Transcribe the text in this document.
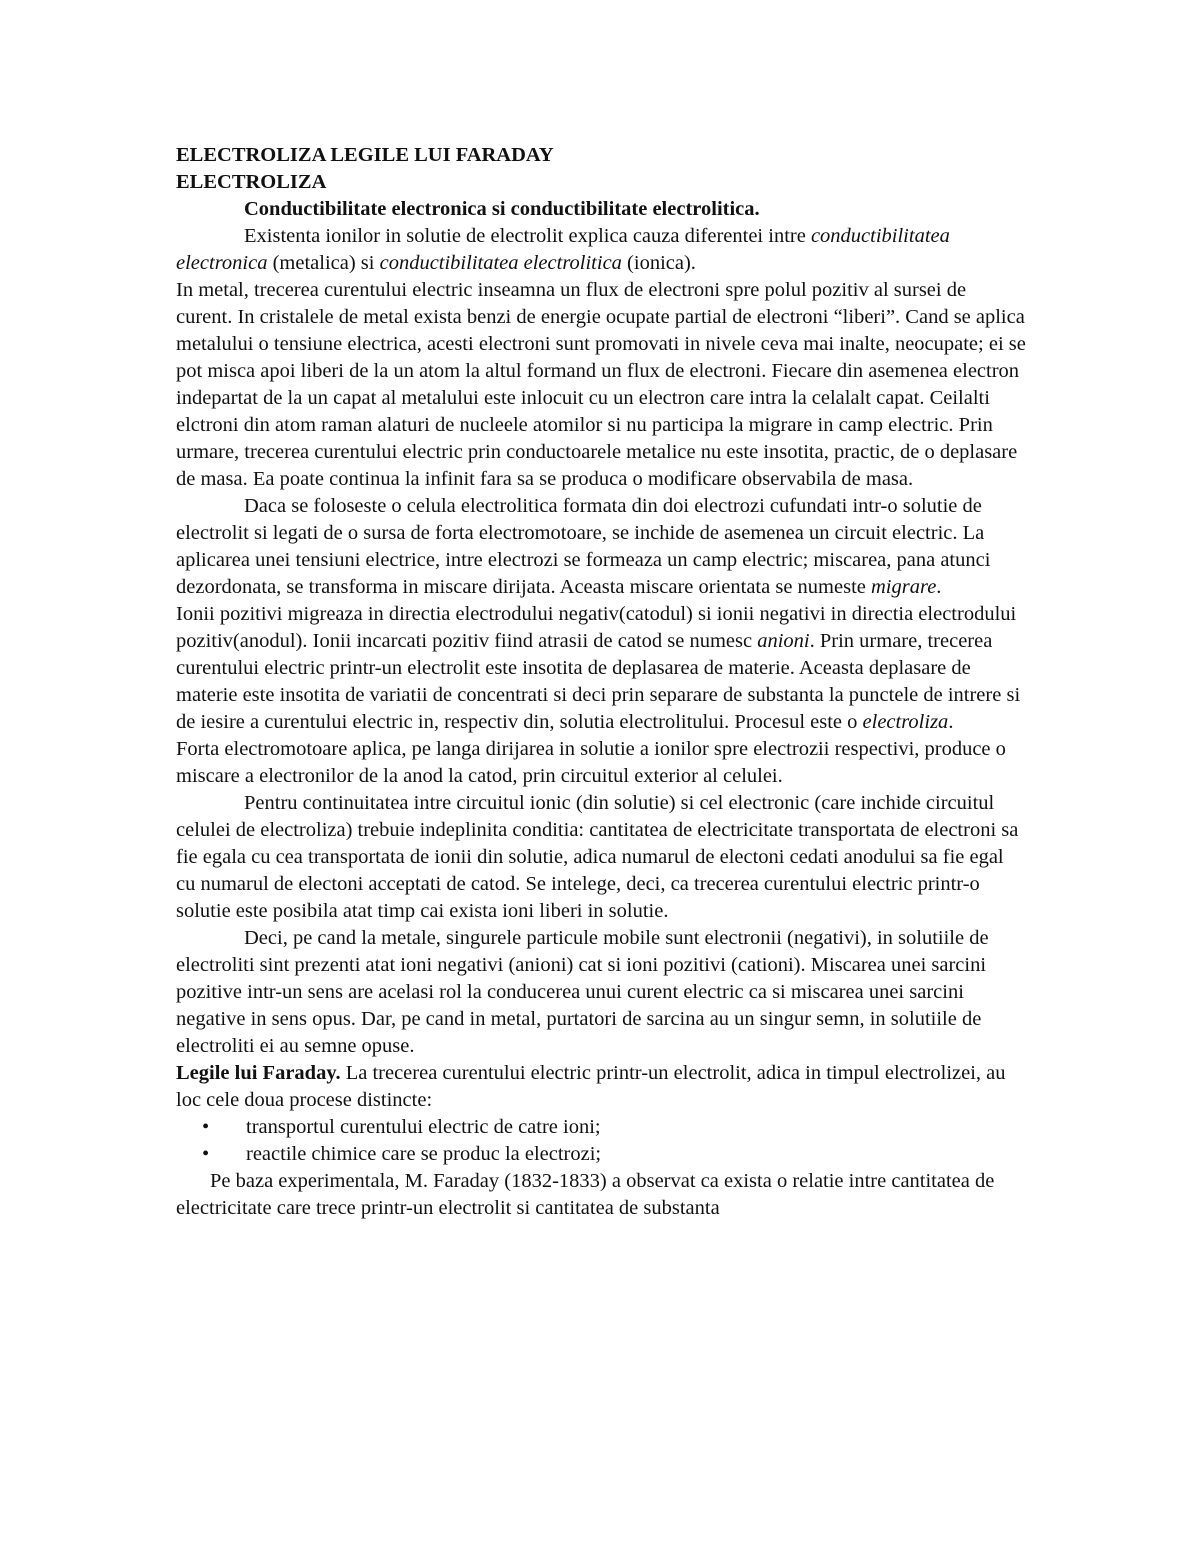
ELECTROLIZA LEGILE LUI FARADAY

ELECTROLIZA

Conductibilitate electronica si conductibilitate electrolitica.

Existenta ionilor in solutie de electrolit explica cauza diferentei intre conductibilitatea electronica (metalica) si conductibilitatea electrolitica (ionica).

In metal, trecerea curentului electric inseamna un flux de electroni spre polul pozitiv al sursei de curent. In cristalele de metal exista benzi de energie ocupate partial de electroni “liberi”. Cand se aplica metalului o tensiune electrica, acesti electroni sunt promovati in nivele ceva mai inalte, neocupate; ei se pot misca apoi liberi de la un atom la altul formand un flux de electroni. Fiecare din asemenea electron indepartat de la un capat al metalului este inlocuit cu un electron care intra la celalalt capat. Ceilalti elctroni din atom raman alaturi de nucleele atomilor si nu participa la migrare in camp electric. Prin urmare, trecerea curentului electric prin conductoarele metalice nu este insotita, practic, de o deplasare de masa. Ea poate continua la infinit fara sa se produca o modificare observabila de masa.

Daca se foloseste o celula electrolitica formata din doi electrozi cufundati intr-o solutie de electrolit si legati de o sursa de forta electromotoare, se inchide de asemenea un circuit electric. La aplicarea unei tensiuni electrice, intre electrozi se formeaza un camp electric; miscarea, pana atunci dezordonata, se transforma in miscare dirijata. Aceasta miscare orientata se numeste migrare.

Ionii pozitivi migreaza in directia electrodului negativ(catodul) si ionii negativi in directia electrodului pozitiv(anodul). Ionii incarcati pozitiv fiind atrasii de catod se numesc anioni. Prin urmare, trecerea curentului electric printr-un electrolit este insotita de deplasarea de materie. Aceasta deplasare de materie este insotita de variatii de concentrati si deci prin separare de substanta la punctele de intrere si de iesire a curentului electric in, respectiv din, solutia electrolitului. Procesul este o electroliza.

Forta electromotoare aplica, pe langa dirijarea in solutie a ionilor spre electrozii respectivi, produce o miscare a electronilor de la anod la catod, prin circuitul exterior al celulei.

Pentru continuitatea intre circuitul ionic (din solutie) si cel electronic (care inchide circuitul celulei de electroliza) trebuie indeplinita conditia: cantitatea de electricitate transportata de electroni sa fie egala cu cea transportata de ionii din solutie, adica numarul de electoni cedati anodului sa fie egal cu numarul de electoni acceptati de catod. Se intelege, deci, ca trecerea curentului electric printr-o solutie este posibila atat timp cai exista ioni liberi in solutie.

Deci, pe cand la metale, singurele particule mobile sunt electronii (negativi), in solutiile de electroliti sint prezenti atat ioni negativi (anioni) cat si ioni pozitivi (cationi). Miscarea unei sarcini pozitive intr-un sens are acelasi rol la conducerea unui curent electric ca si miscarea unei sarcini negative in sens opus. Dar, pe cand in metal, purtatori de sarcina au un singur semn, in solutiile de electroliti ei au semne opuse.

Legile lui Faraday. La trecerea curentului electric printr-un electrolit, adica in timpul electrolizei, au loc cele doua procese distincte:

• transportul curentului electric de catre ioni;
• reactile chimice care se produc la electrozi;

Pe baza experimentala, M. Faraday (1832-1833) a observat ca exista o relatie intre cantitatea de electricitate care trece printr-un electrolit si cantitatea de substanta
